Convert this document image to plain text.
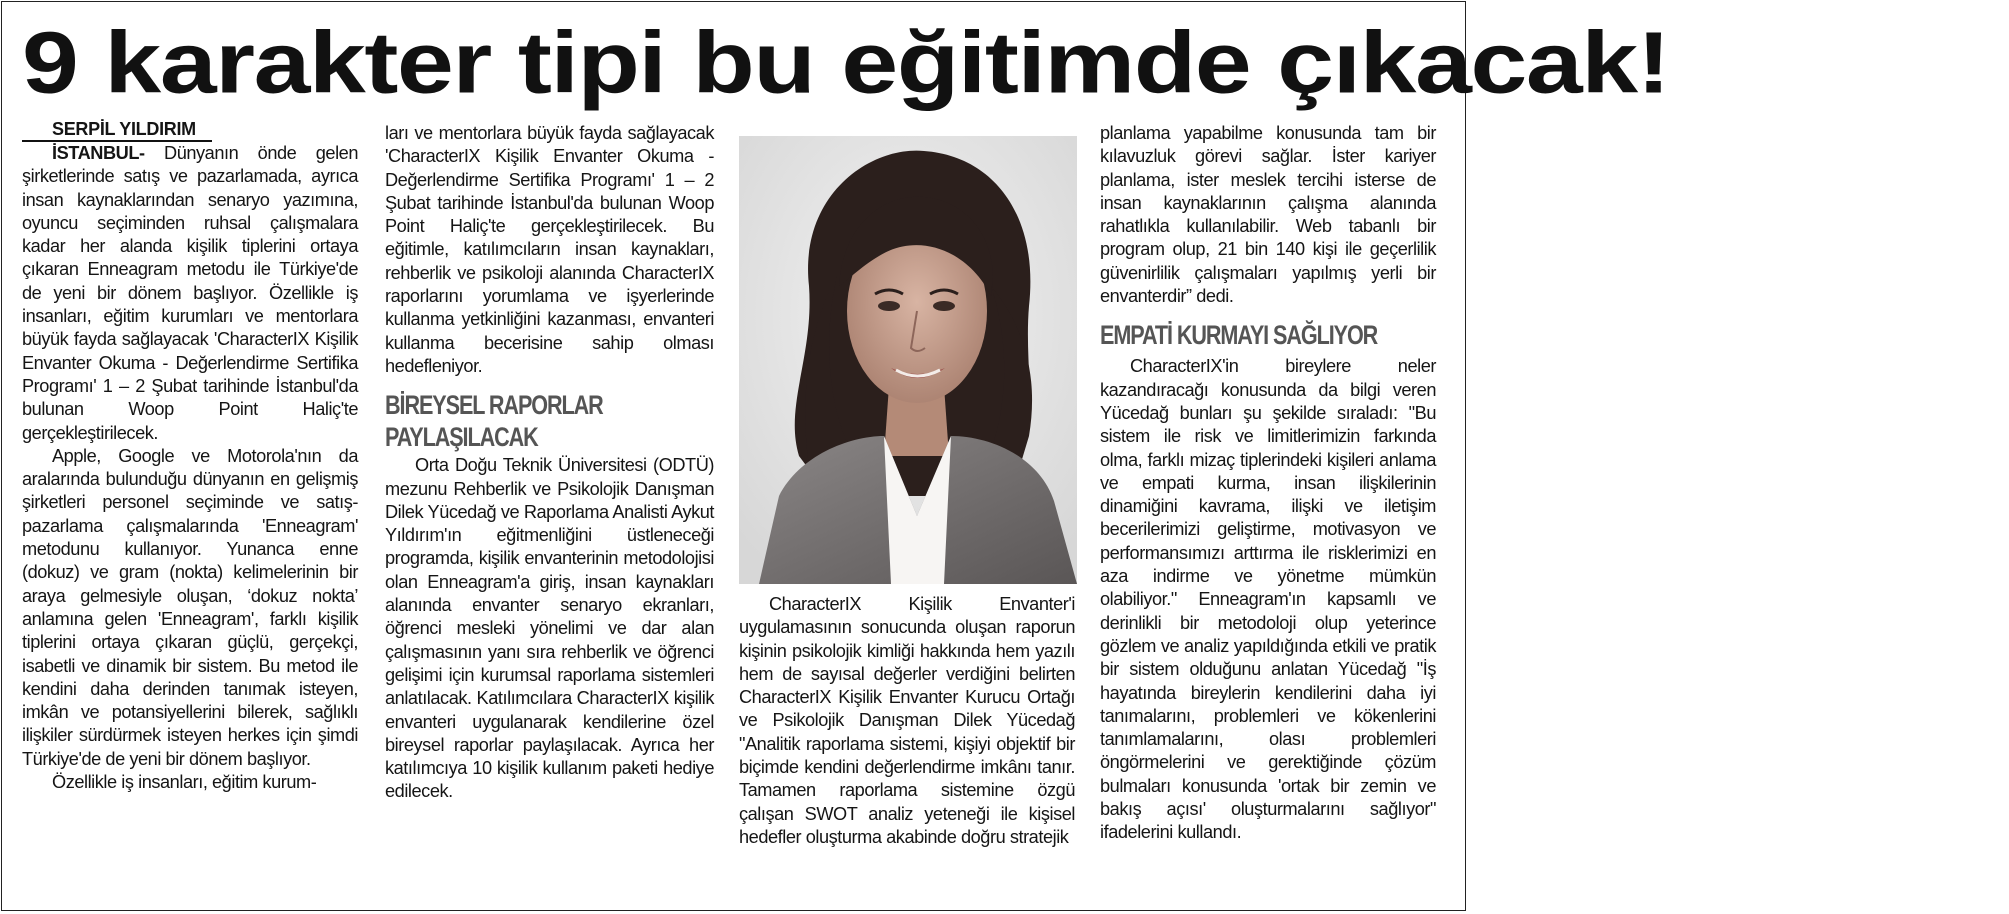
9 karakter tipi bu eğitimde çıkacak!
SERPİL YILDIRIM

İSTANBUL- Dünyanın önde gelen şirketlerinde satış ve pazarlamada, ayrıca insan kaynaklarından senaryo yazımına, oyuncu seçiminden ruhsal çalışmalara kadar her alanda kişilik tiplerini ortaya çıkaran Enneagram metodu ile Türkiye'de de yeni bir dönem başlıyor. Özellikle iş insanları, eğitim kurumları ve mentorlara büyük fayda sağlayacak 'CharacterIX Kişilik Envanter Okuma - Değerlendirme Sertifika Programı' 1 – 2 Şubat tarihinde İstanbul'da bulunan Woop Point Haliç'te gerçekleştirilecek.

Apple, Google ve Motorola'nın da aralarında bulunduğu dünyanın en gelişmiş şirketleri personel seçiminde ve satış-pazarlama çalışmalarında 'Enneagram' metodunu kullanıyor. Yunanca enne (dokuz) ve gram (nokta) kelimelerinin bir araya gelmesiyle oluşan, ‘dokuz nokta’ anlamına gelen 'Enneagram', farklı kişilik tiplerini ortaya çıkaran güçlü, gerçekçi, isabetli ve dinamik bir sistem. Bu metod ile kendini daha derinden tanımak isteyen, imkân ve potansiyellerini bilerek, sağlıklı ilişkiler sürdürmek isteyen herkes için şimdi Türkiye'de de yeni bir dönem başlıyor.

Özellikle iş insanları, eğitim kurum-

ları ve mentorlara büyük fayda sağlayacak 'CharacterIX Kişilik Envanter Okuma - Değerlendirme Sertifika Programı' 1 – 2 Şubat tarihinde İstanbul'da bulunan Woop Point Haliç'te gerçekleştirilecek. Bu eğitimle, katılımcıların insan kaynakları, rehberlik ve psikoloji alanında CharacterIX raporlarını yorumlama ve işyerlerinde kullanma yetkinliğini kazanması, envanteri kullanma becerisine sahip olması hedefleniyor.

BİREYSEL RAPORLAR
PAYLAŞILACAK

Orta Doğu Teknik Üniversitesi (ODTÜ) mezunu Rehberlik ve Psikolojik Danışman Dilek Yücedağ ve Raporlama Analisti Aykut Yıldırım'ın eğitmenliğini üstleneceği programda, kişilik envanterinin metodolojisi olan Enneagram'a giriş, insan kaynakları alanında envanter senaryo ekranları, öğrenci mesleki yönelimi ve dar alan çalışmasının yanı sıra rehberlik ve öğrenci gelişimi için kurumsal raporlama sistemleri anlatılacak. Katılımcılara CharacterIX kişilik envanteri uygulanarak kendilerine özel bireysel raporlar paylaşılacak. Ayrıca her katılımcıya 10 kişilik kullanım paketi hediye edilecek.

CharacterIX Kişilik Envanter'i uygulamasının sonucunda oluşan raporun kişinin psikolojik kimliği hakkında hem yazılı hem de sayısal değerler verdiğini belirten CharacterIX Kişilik Envanter Kurucu Ortağı ve Psikolojik Danışman Dilek Yücedağ "Analitik raporlama sistemi, kişiyi objektif bir biçimde kendini değerlendirme imkânı tanır. Tamamen raporlama sistemine özgü çalışan SWOT analiz yeteneği ile kişisel hedefler oluşturma akabinde doğru stratejik

planlama yapabilme konusunda tam bir kılavuzluk görevi sağlar. İster kariyer planlama, ister meslek tercihi isterse de insan kaynaklarının çalışma alanında rahatlıkla kullanılabilir. Web tabanlı bir program olup, 21 bin 140 kişi ile geçerlilik güvenirlilik çalışmaları yapılmış yerli bir envanterdir” dedi.

EMPATİ KURMAYI SAĞLIYOR

CharacterIX'in bireylere neler kazandıracağı konusunda da bilgi veren Yücedağ bunları şu şekilde sıraladı: "Bu sistem ile risk ve limitlerimizin farkında olma, farklı mizaç tiplerindeki kişileri anlama ve empati kurma, insan ilişkilerinin dinamiğini kavrama, ilişki ve iletişim becerilerimizi geliştirme, motivasyon ve performansımızı arttırma ile risklerimizi en aza indirme ve yönetme mümkün olabiliyor." Enneagram'ın kapsamlı ve derinlikli bir metodoloji olup yeterince gözlem ve analiz yapıldığında etkili ve pratik bir sistem olduğunu anlatan Yücedağ "İş hayatında bireylerin kendilerini daha iyi tanımalarını, problemleri ve kökenlerini tanımlamalarını, olası problemleri öngörmelerini ve gerektiğinde çözüm bulmaları konusunda 'ortak bir zemin ve bakış açısı' oluşturmalarını sağlıyor" ifadelerini kullandı.
